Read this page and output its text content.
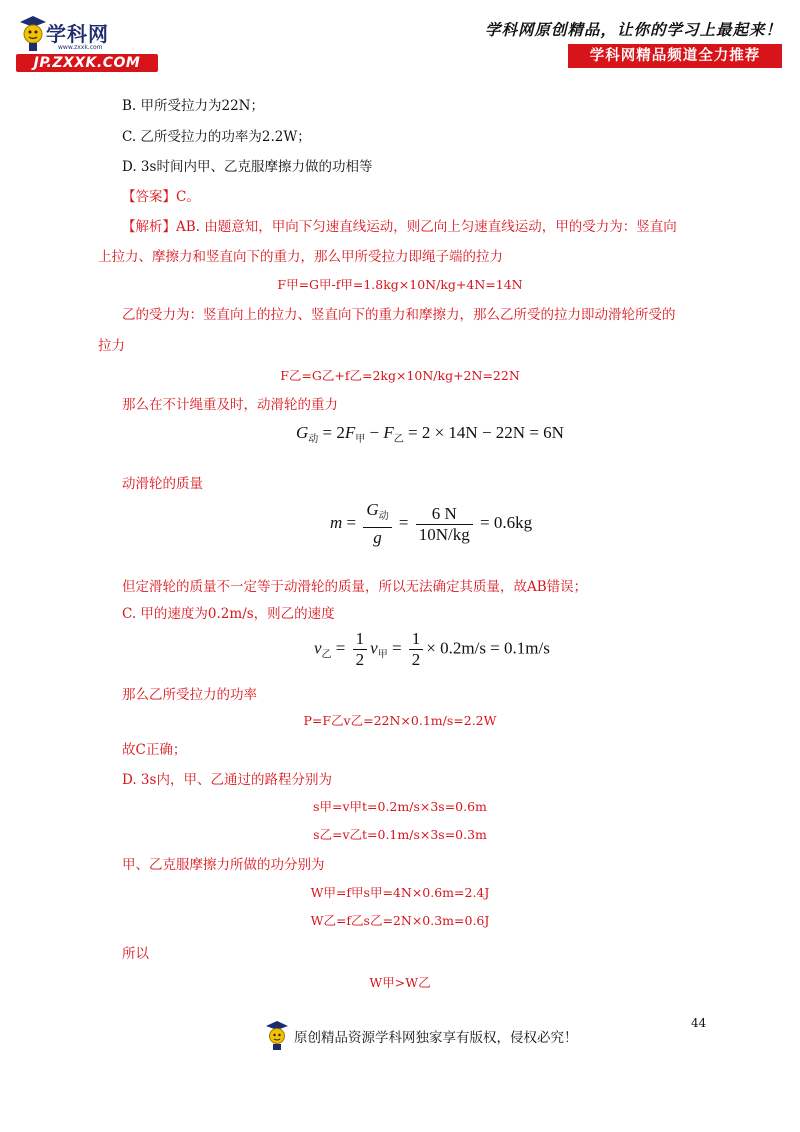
学科网
www.zxxk.com
JP.ZXXK.COM
学科网原创精品，让你的学习上最起来！
学科网精品频道全力推荐
B. 甲所受拉力为22N；
C. 乙所受拉力的功率为2.2W；
D. 3s时间内甲、乙克服摩擦力做的功相等
【答案】C。
【解析】AB. 由题意知，甲向下匀速直线运动，则乙向上匀速直线运动，甲的受力为：竖直向
上拉力、摩擦力和竖直向下的重力，那么甲所受拉力即绳子端的拉力
F甲=G甲-f甲=1.8kg×10N/kg+4N=14N
乙的受力为：竖直向上的拉力、竖直向下的重力和摩擦力，那么乙所受的拉力即动滑轮所受的
拉力
F乙=G乙+f乙=2kg×10N/kg+2N=22N
那么在不计绳重及时，动滑轮的重力
$G_动 = 2F_甲 - F_乙 = 2 \times 14N - 22N = 6N$
动滑轮的质量
$m = \frac{G_动}{g} = \frac{6 N}{10N/kg} = 0.6kg$
但定滑轮的质量不一定等于动滑轮的质量，所以无法确定其质量，故AB错误；
C. 甲的速度为0.2m/s，则乙的速度
$v_乙 = \frac{1}{2} v_甲 = \frac{1}{2} \times 0.2m/s = 0.1m/s$
那么乙所受拉力的功率
P=F乙v乙=22N×0.1m/s=2.2W
故C正确；
D. 3s内，甲、乙通过的路程分别为
s甲=v甲t=0.2m/s×3s=0.6m
s乙=v乙t=0.1m/s×3s=0.3m
甲、乙克服摩擦力所做的功分别为
W甲=f甲s甲=4N×0.6m=2.4J
W乙=f乙s乙=2N×0.3m=0.6J
所以
W甲>W乙
44
原创精品资源学科网独家享有版权，侵权必究！
